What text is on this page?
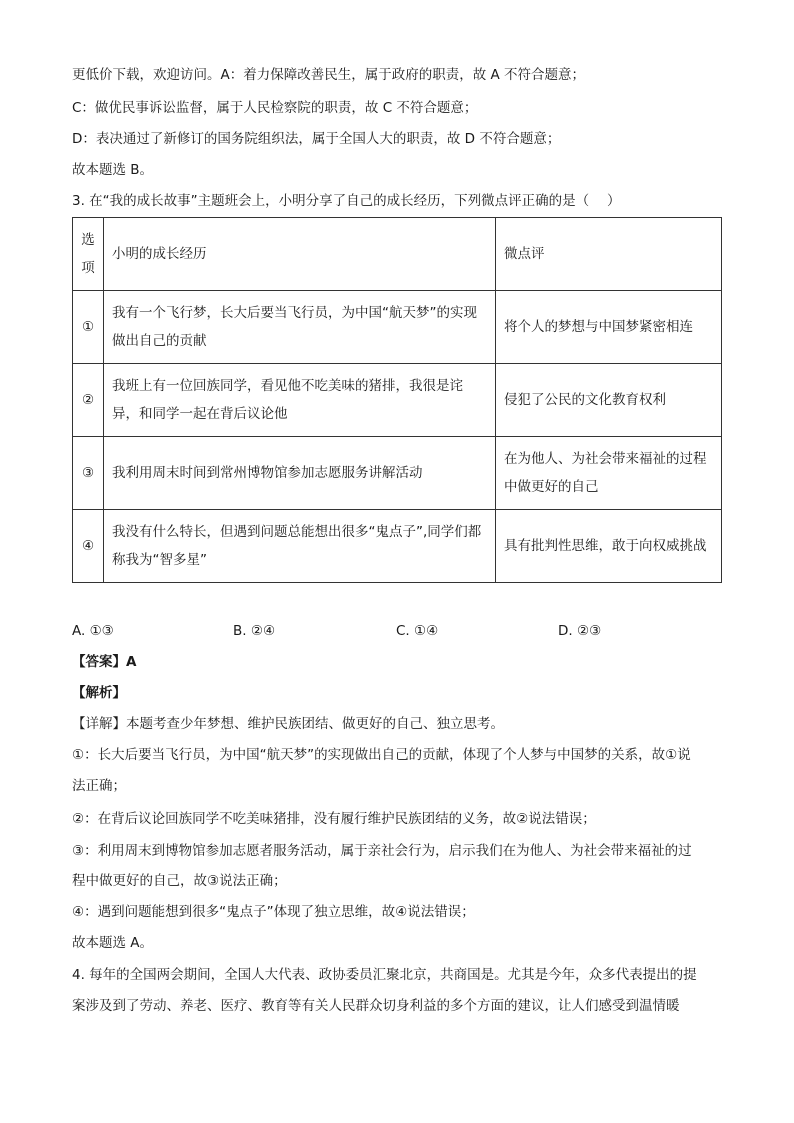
更低价下载，欢迎访问。A：着力保障改善民生，属于政府的职责，故 A 不符合题意；
C：做优民事诉讼监督，属于人民检察院的职责，故 C 不符合题意；
D：表决通过了新修订的国务院组织法，属于全国人大的职责，故 D 不符合题意；
故本题选 B。
3. 在“我的成长故事”主题班会上，小明分享了自己的成长经历，下列微点评正确的是（　 ）
选项	小明的成长经历	微点评

①	我有一个飞行梦，长大后要当飞行员，为中国“航天梦”的实现做出自己的贡献	将个人的梦想与中国梦紧密相连

②	我班上有一位回族同学，看见他不吃美味的猪排，我很是诧异，和同学一起在背后议论他	侵犯了公民的文化教育权利

③	我利用周末时间到常州博物馆参加志愿服务讲解活动	在为他人、为社会带来福祉的过程中做更好的自己

④	我没有什么特长，但遇到问题总能想出很多“鬼点子”,同学们都称我为“智多星”	具有批判性思维，敢于向权威挑战
A. ①③	B. ②④	C. ①④	D. ②③
【答案】A
【解析】
【详解】本题考查少年梦想、维护民族团结、做更好的自己、独立思考。
①：长大后要当飞行员，为中国“航天梦”的实现做出自己的贡献，体现了个人梦与中国梦的关系，故①说
法正确；
②：在背后议论回族同学不吃美味猪排，没有履行维护民族团结的义务，故②说法错误；
③：利用周末到博物馆参加志愿者服务活动，属于亲社会行为，启示我们在为他人、为社会带来福祉的过
程中做更好的自己，故③说法正确；
④：遇到问题能想到很多“鬼点子”体现了独立思维，故④说法错误；
故本题选 A。
4. 每年的全国两会期间，全国人大代表、政协委员汇聚北京，共商国是。尤其是今年，众多代表提出的提
案涉及到了劳动、养老、医疗、教育等有关人民群众切身利益的多个方面的建议，让人们感受到温情暖
